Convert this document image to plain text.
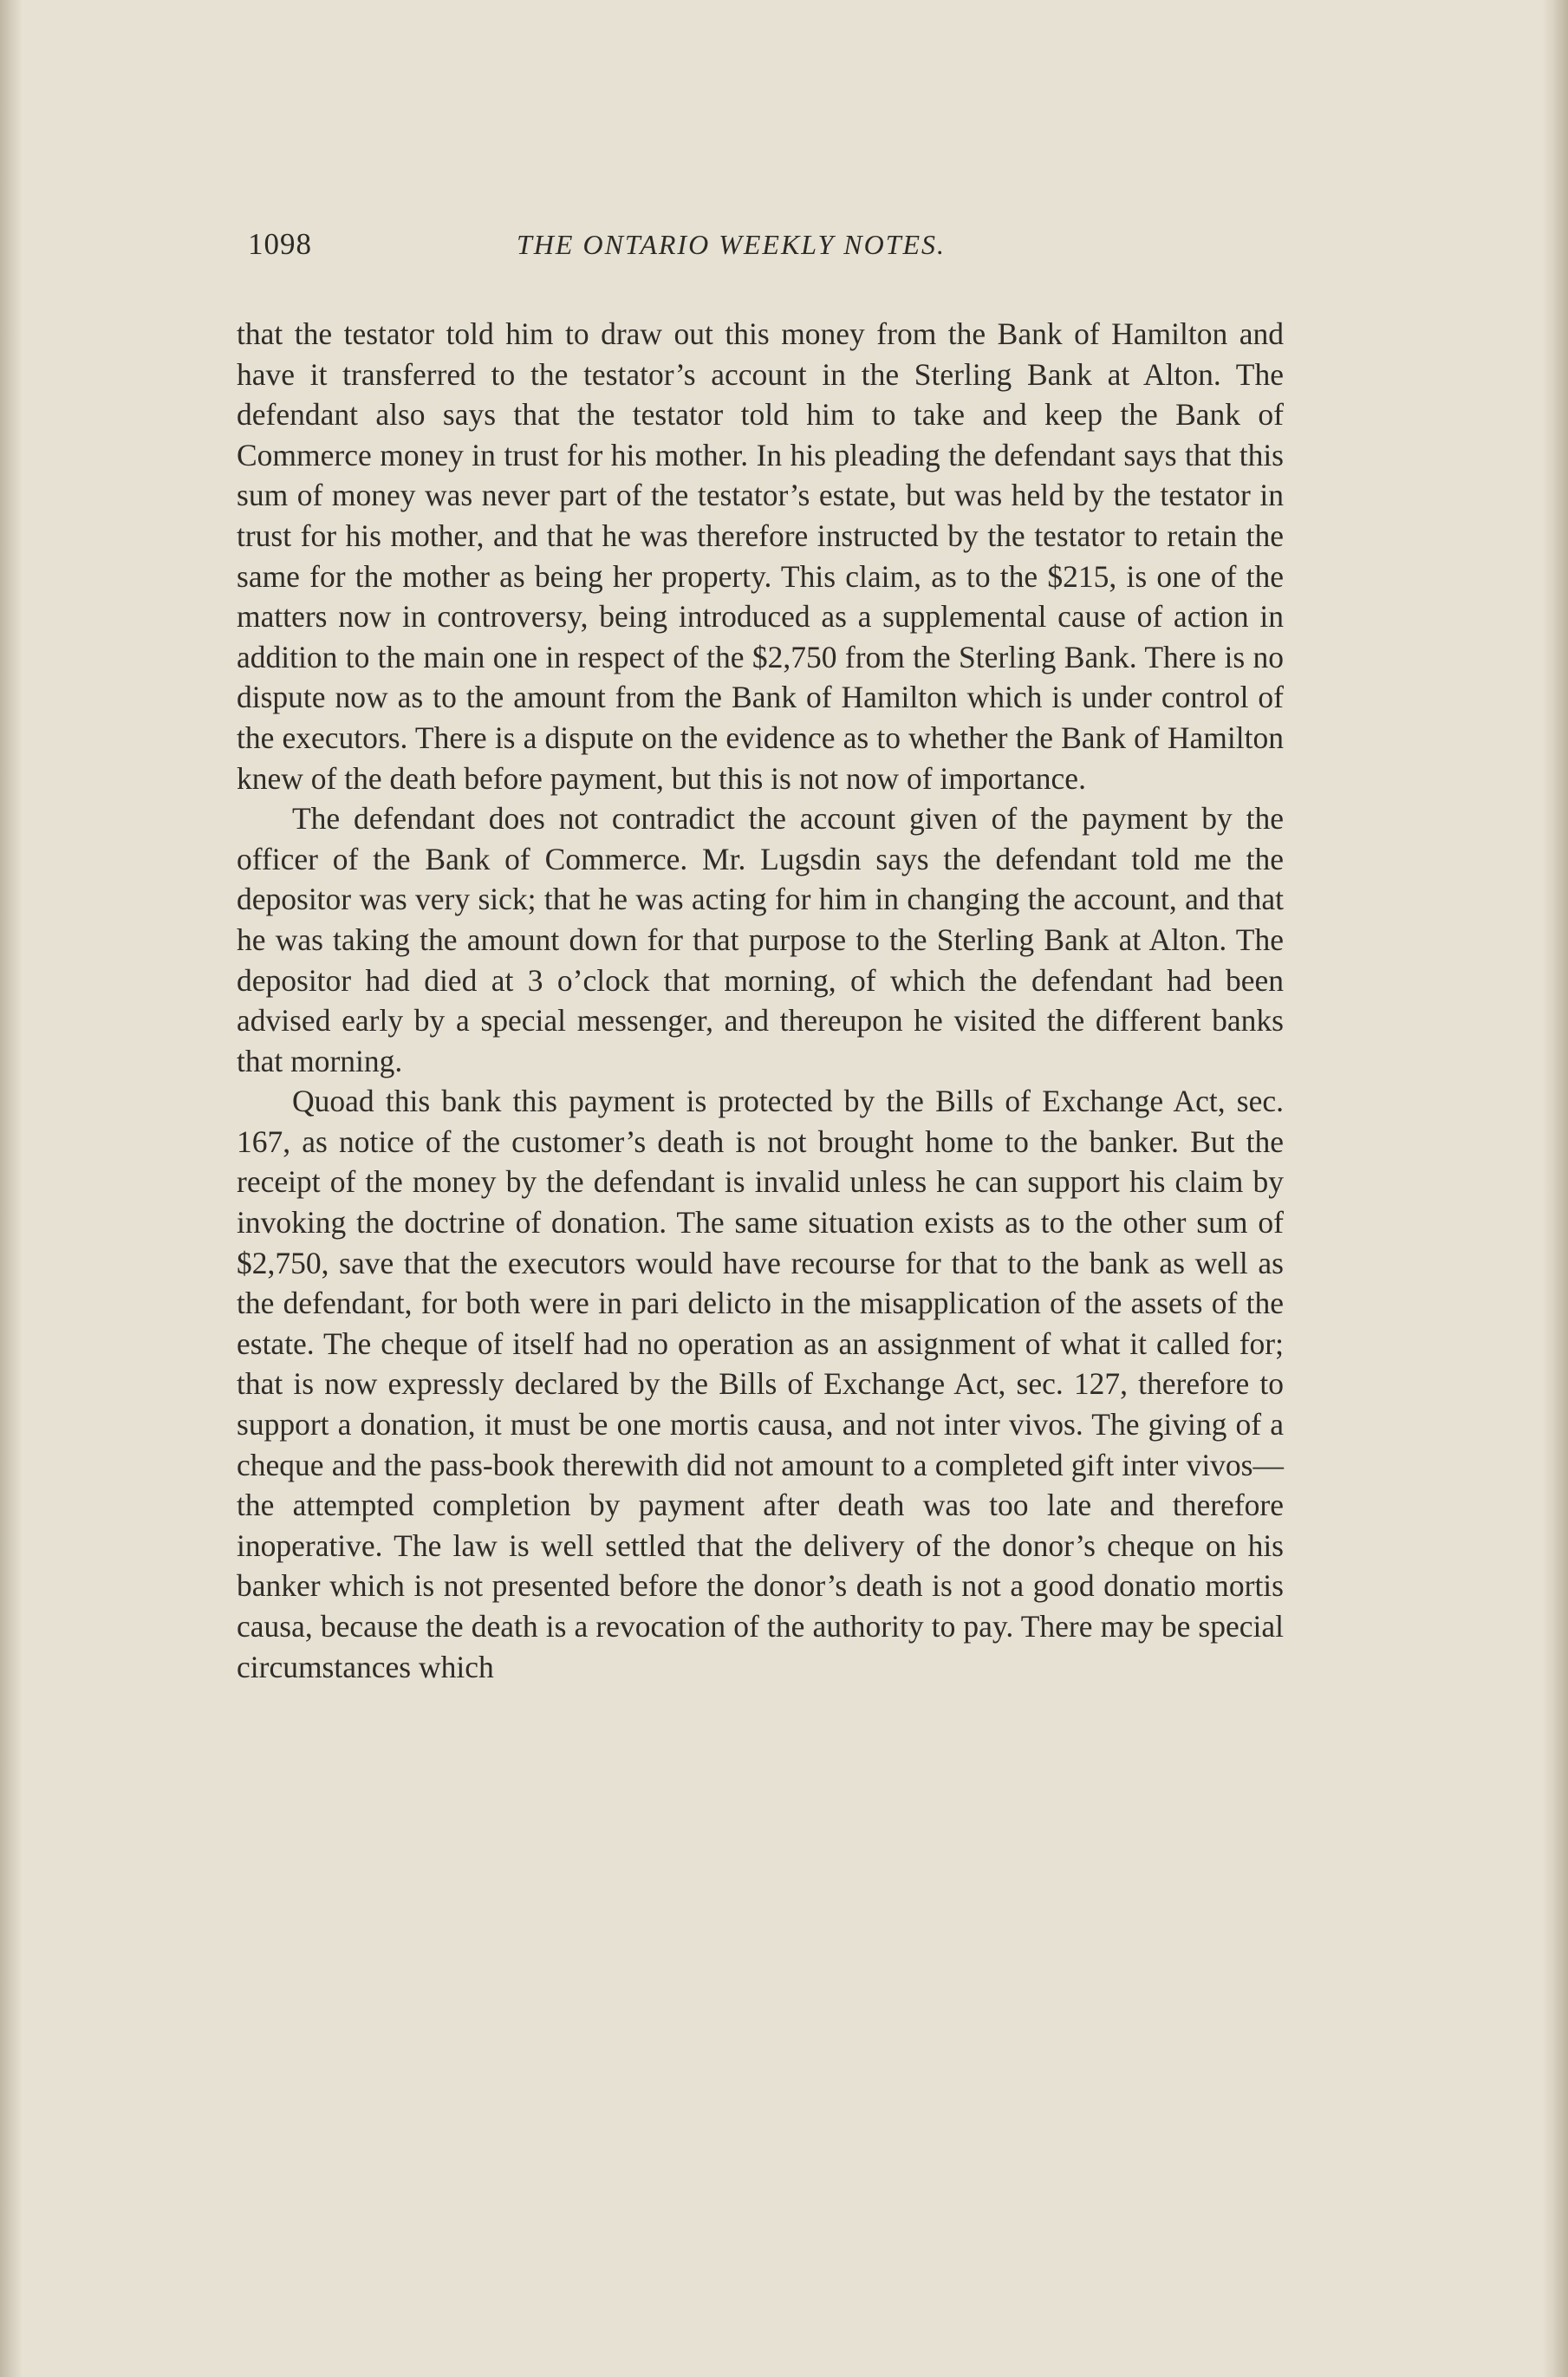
1098	THE ONTARIO WEEKLY NOTES.

that the testator told him to draw out this money from the Bank of Hamilton and have it transferred to the testator’s account in the Sterling Bank at Alton. The defendant also says that the testator told him to take and keep the Bank of Commerce money in trust for his mother. In his pleading the defendant says that this sum of money was never part of the testator’s estate, but was held by the testator in trust for his mother, and that he was therefore instructed by the testator to retain the same for the mother as being her property. This claim, as to the $215, is one of the matters now in controversy, being introduced as a supplemental cause of action in addition to the main one in respect of the $2,750 from the Sterling Bank. There is no dispute now as to the amount from the Bank of Hamilton which is under control of the executors. There is a dispute on the evidence as to whether the Bank of Hamilton knew of the death before payment, but this is not now of importance.

The defendant does not contradict the account given of the payment by the officer of the Bank of Commerce. Mr. Lugsdin says the defendant told me the depositor was very sick; that he was acting for him in changing the account, and that he was taking the amount down for that purpose to the Sterling Bank at Alton. The depositor had died at 3 o’clock that morning, of which the defendant had been advised early by a special messenger, and thereupon he visited the different banks that morning.

Quoad this bank this payment is protected by the Bills of Exchange Act, sec. 167, as notice of the customer’s death is not brought home to the banker. But the receipt of the money by the defendant is invalid unless he can support his claim by invoking the doctrine of donation. The same situation exists as to the other sum of $2,750, save that the executors would have recourse for that to the bank as well as the defendant, for both were in pari delicto in the misapplication of the assets of the estate. The cheque of itself had no operation as an assignment of what it called for; that is now expressly declared by the Bills of Exchange Act, sec. 127, therefore to support a donation, it must be one mortis causa, and not inter vivos. The giving of a cheque and the pass-book therewith did not amount to a completed gift inter vivos—the attempted completion by payment after death was too late and therefore inoperative. The law is well settled that the delivery of the donor’s cheque on his banker which is not presented before the donor’s death is not a good donatio mortis causa, because the death is a revocation of the authority to pay. There may be special circumstances which
